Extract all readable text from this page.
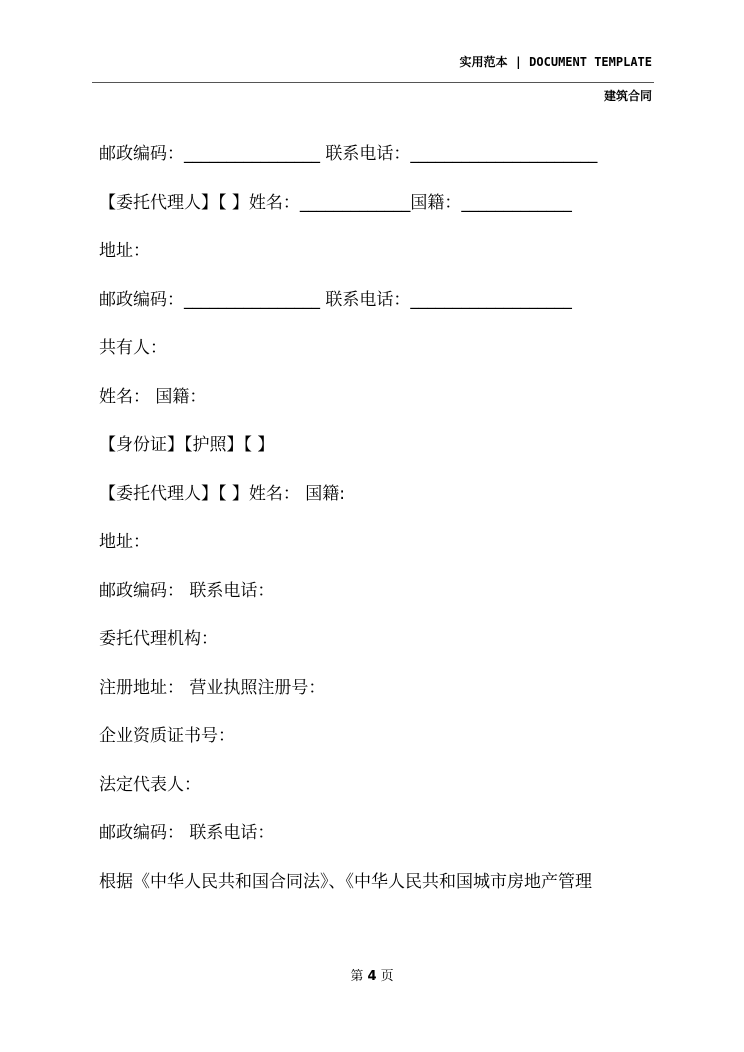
实用范本 | DOCUMENT TEMPLATE
建筑合同
邮政编码：________________ 联系电话：______________________
【委托代理人】【 】姓名：_____________国籍：_____________
地址：
邮政编码：________________ 联系电话：___________________
共有人：
姓名： 国籍：
【身份证】【护照】【 】
【委托代理人】【 】姓名： 国籍:
地址：
邮政编码： 联系电话：
委托代理机构：
注册地址： 营业执照注册号：
企业资质证书号：
法定代表人：
邮政编码： 联系电话：
根据《中华人民共和国合同法》、《中华人民共和国城市房地产管理
第 4 页
